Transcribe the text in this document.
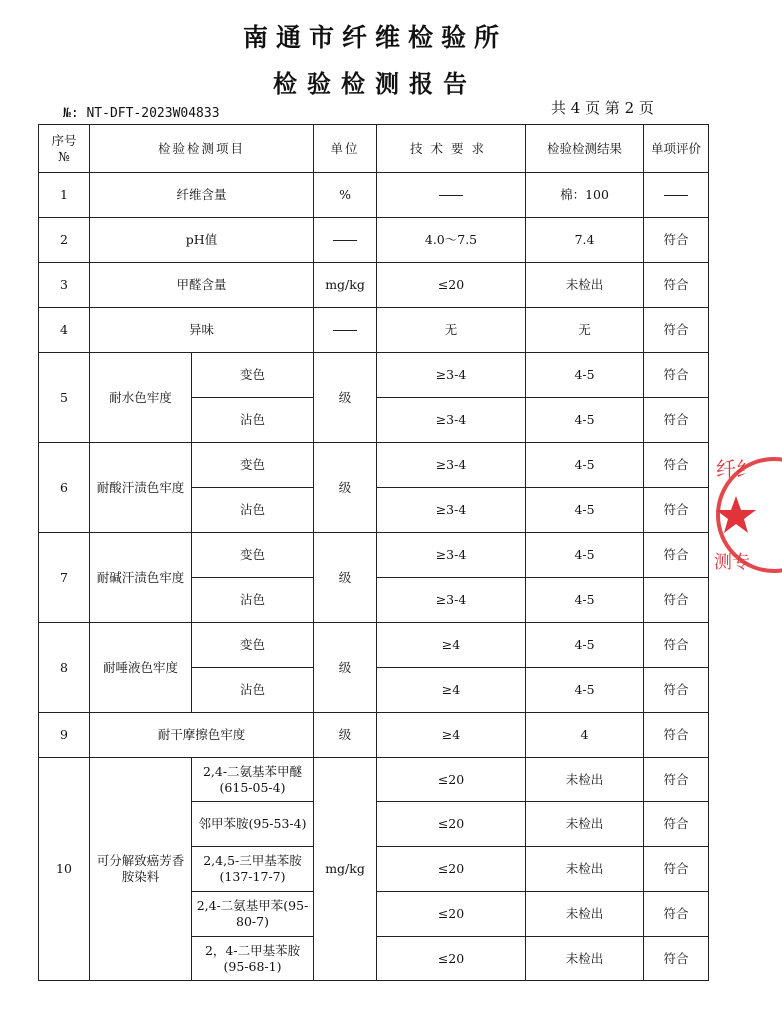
南通市纤维检验所
检验检测报告
№: NT-DFT-2023W04833	共 4 页 第 2 页
序号
№	检验检测项目		单位	技术要求	检验检测结果	单项评价
1	纤维含量		%		棉：100	
2	pH值			4.0～7.5	7.4	符合
3	甲醛含量		mg/kg	≤20	未检出	符合
4	异味			无	无	符合
5	耐水色牢度	变色	级	≥3-4	4-5	符合
		沾色		≥3-4	4-5	符合
6	耐酸汗渍色牢度	变色	级	≥3-4	4-5	符合
		沾色		≥3-4	4-5	符合
7	耐碱汗渍色牢度	变色	级	≥3-4	4-5	符合
		沾色		≥3-4	4-5	符合
8	耐唾液色牢度	变色	级	≥4	4-5	符合
		沾色		≥4	4-5	符合
9	耐干摩擦色牢度		级	≥4	4	符合
10	可分解致癌芳香胺染料	2,4-二氨基苯甲醚(615-05-4)	mg/kg	≤20	未检出	符合
		邻甲苯胺(95-53-4)		≤20	未检出	符合
		2,4,5-三甲基苯胺(137-17-7)		≤20	未检出	符合
		2,4-二氨基甲苯(95-80-7)		≤20	未检出	符合
		2，4-二甲基苯胺(95-68-1)		≤20	未检出	符合
纤纟
测专
